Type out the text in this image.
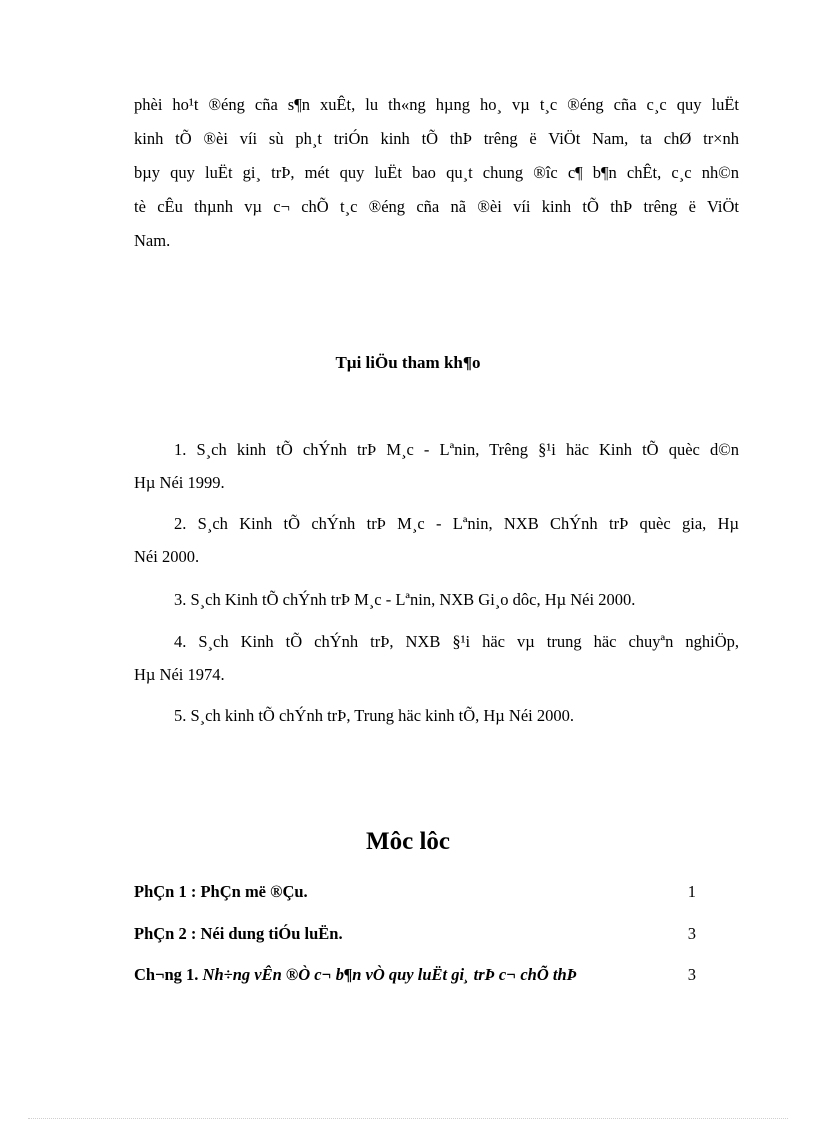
phèi ho¹t ®éng cña s¶n xuÊt, lu th«ng hµng ho¸ vµ t¸c ®éng cña c¸c quy luËt
kinh tÕ ®èi víi sù ph¸t triÓn kinh tÕ thÞ trêng ë ViÖt Nam, ta chØ tr×nh
bµy quy luËt gi¸ trÞ, mét quy luËt bao qu¸t chung ®îc c¶ b¶n chÊt, c¸c nh©n
tè cÊu thµnh vµ c¬ chÕ t¸c ®éng cña nã ®èi víi kinh tÕ thÞ trêng ë ViÖt
Nam.
Tµi liÖu tham kh¶o
1. S¸ch kinh tÕ chÝnh trÞ M¸c - Lªnin, Trêng §¹i häc Kinh tÕ quèc d©n
Hµ Néi 1999.
2. S¸ch Kinh tÕ chÝnh trÞ M¸c - Lªnin, NXB ChÝnh trÞ quèc gia, Hµ
Néi 2000.
3. S¸ch Kinh tÕ chÝnh trÞ M¸c - Lªnin, NXB Gi¸o dôc, Hµ Néi 2000.
4. S¸ch Kinh tÕ chÝnh trÞ, NXB §¹i häc vµ trung häc chuyªn nghiÖp,
Hµ Néi 1974.
5. S¸ch kinh tÕ chÝnh trÞ, Trung häc kinh tÕ, Hµ Néi 2000.
Môc lôc
PhÇn 1 : PhÇn më ®Çu.	1
PhÇn 2 : Néi dung tiÓu luËn.	3
Ch¬ng 1. Nh÷ng vÊn ®Ò c¬ b¶n vÒ quy luËt gi¸ trÞ c¬ chÕ thÞ	3
